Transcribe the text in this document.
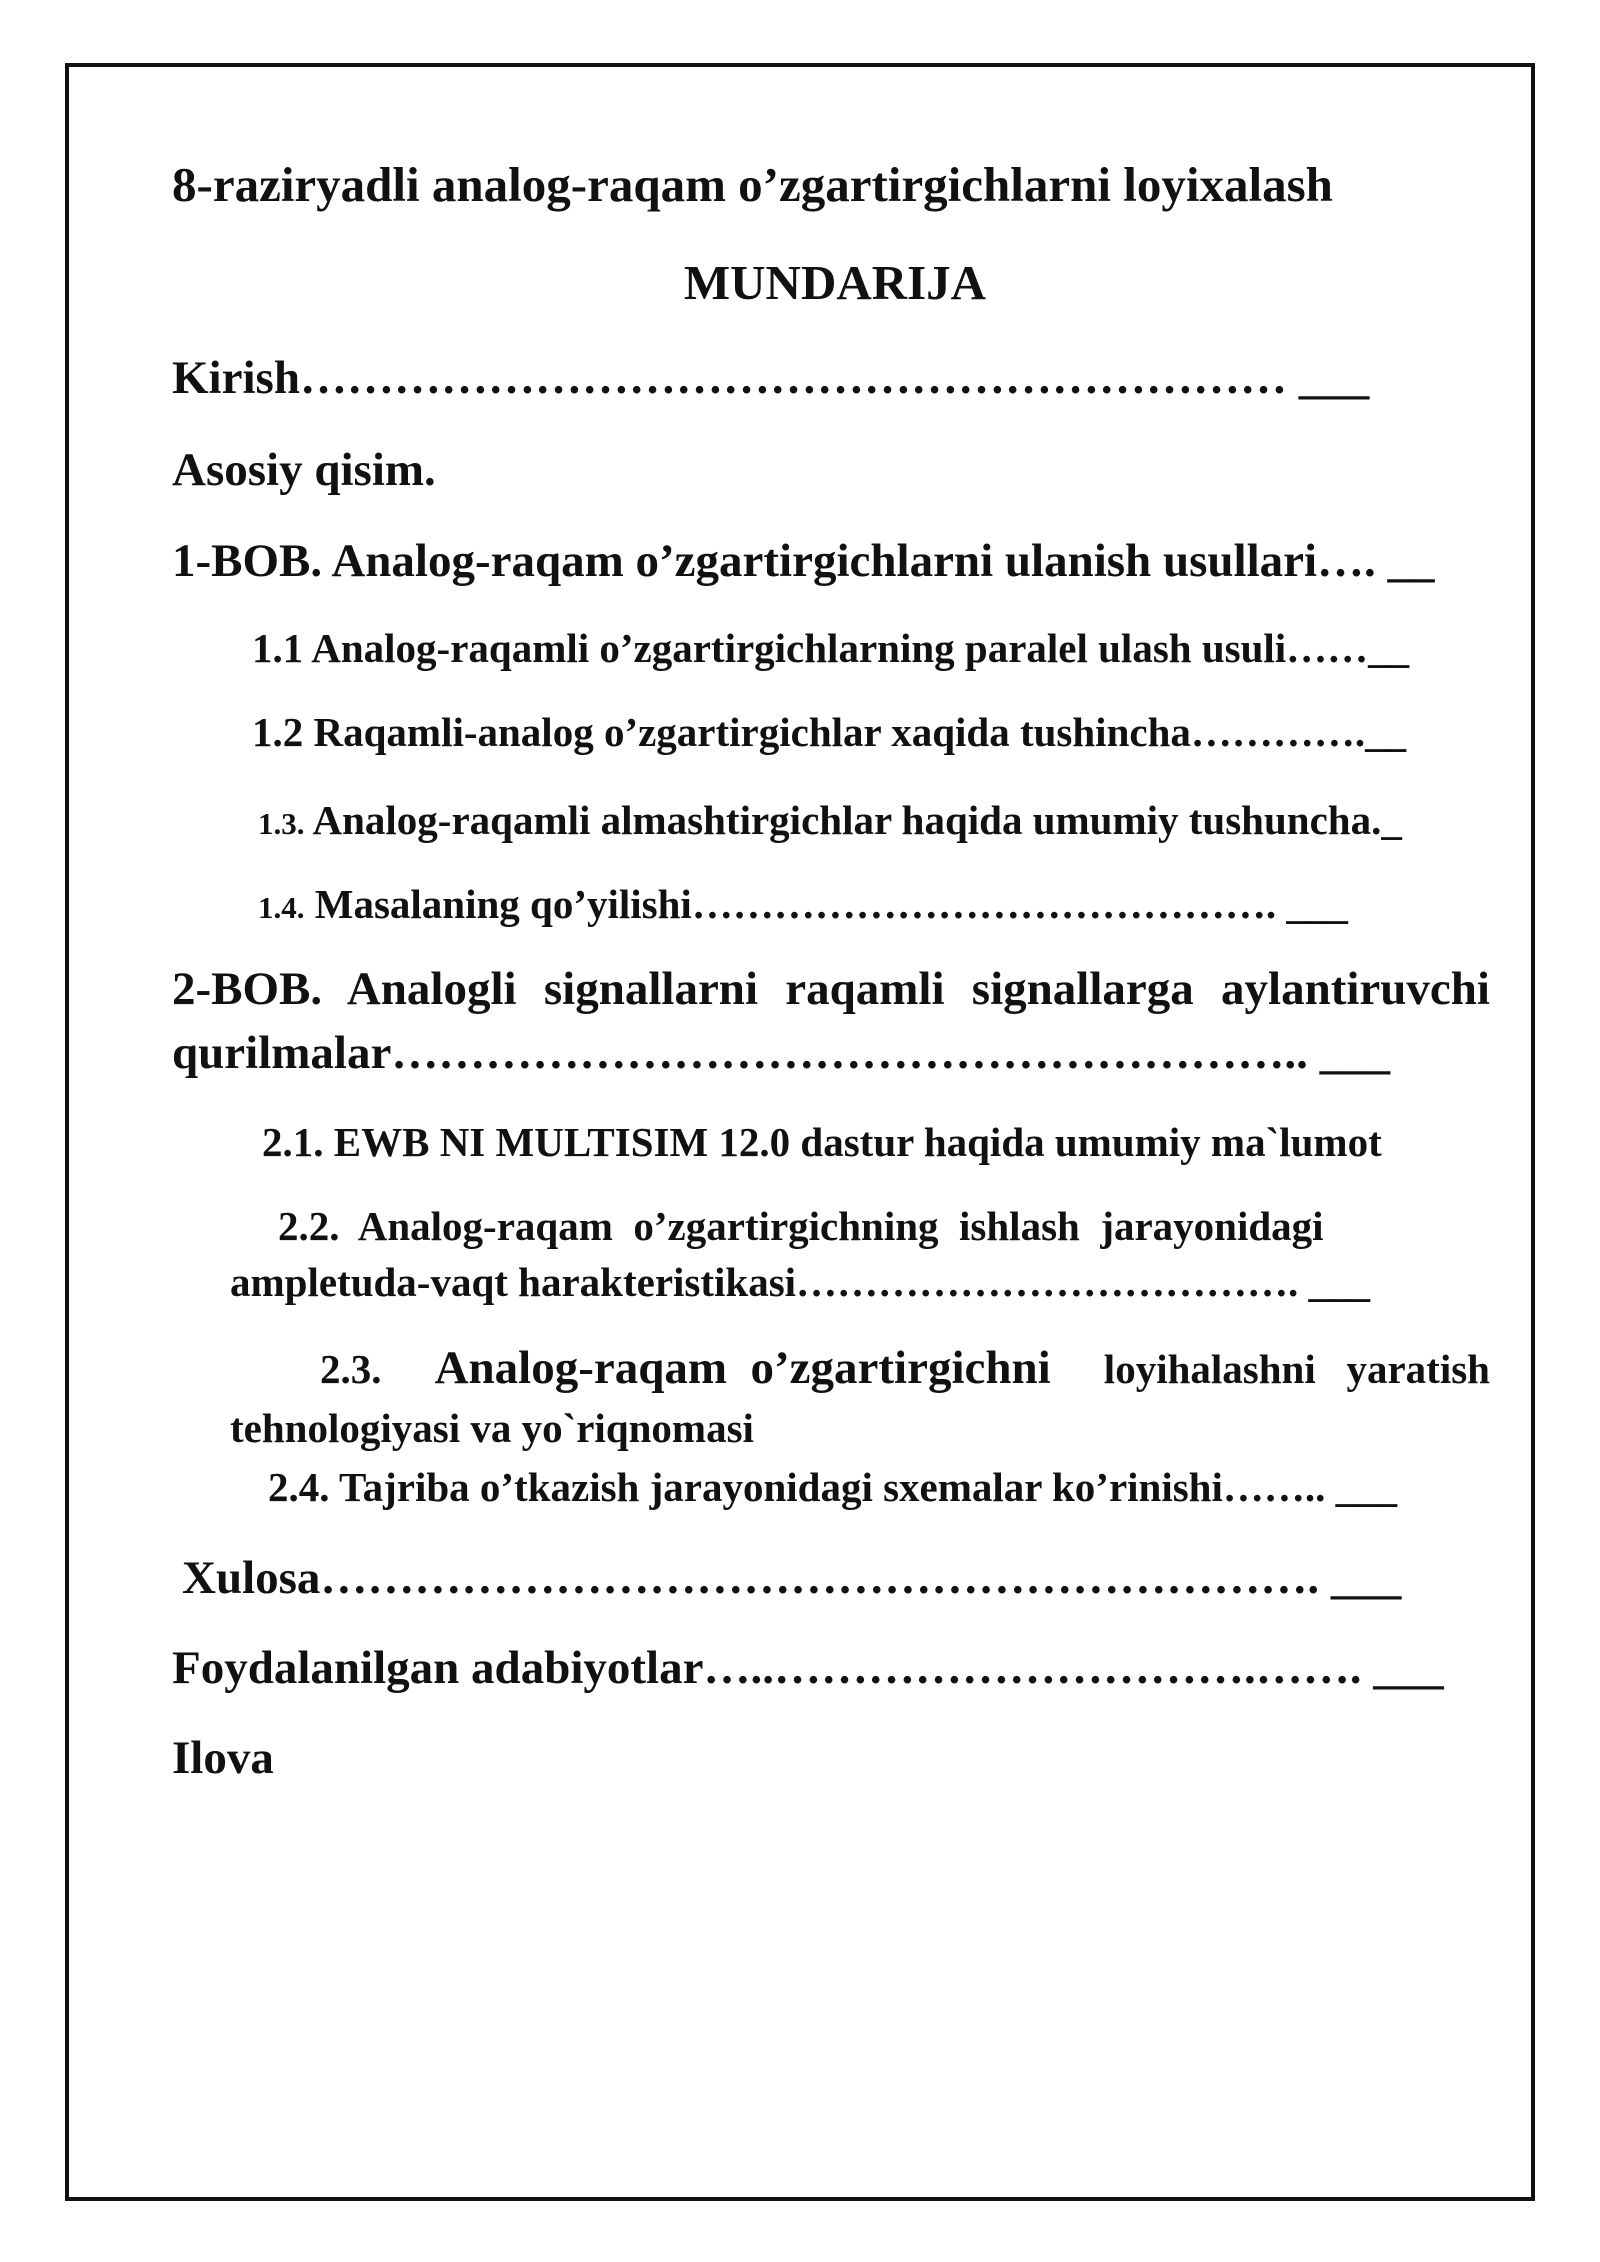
8-raziryadli analog-raqam o’zgartirgichlarni loyixalash
MUNDARIJA
Kirish……………………………………………………… ___
Asosiy qisim.
1-BOB. Analog-raqam o’zgartirgichlarni ulanish usullari…. __
1.1 Analog-raqamli o’zgartirgichlarning paralel ulash usuli……__
1.2 Raqamli-analog o’zgartirgichlar xaqida tushincha………….__
1.3. Analog-raqamli almashtirgichlar haqida umumiy tushuncha._
1.4. Masalaning qo’yilishi……………………………………. ___
2-BOB.  Analogli  signallarni  raqamli  signallarga  aylantiruvchi
qurilmalar………………………………………………….. ___
2.1. EWB NI MULTISIM 12.0 dastur haqida umumiy ma`lumot
2.2.  Analog-raqam  o’zgartirgichning  ishlash  jarayonidagi
ampletuda-vaqt harakteristikasi………………………………. ___
2.3. Analog-raqam  o’zgartirgichni loyihalashni   yaratish
tehnologiyasi va yo`riqnomasi
2.4. Tajriba o’tkazish jarayonidagi sxemalar ko’rinishi…….. ___
Xulosa………………………………………………………. ___
Foydalanilgan adabiyotlar…..………………………….……. ___
Ilova
